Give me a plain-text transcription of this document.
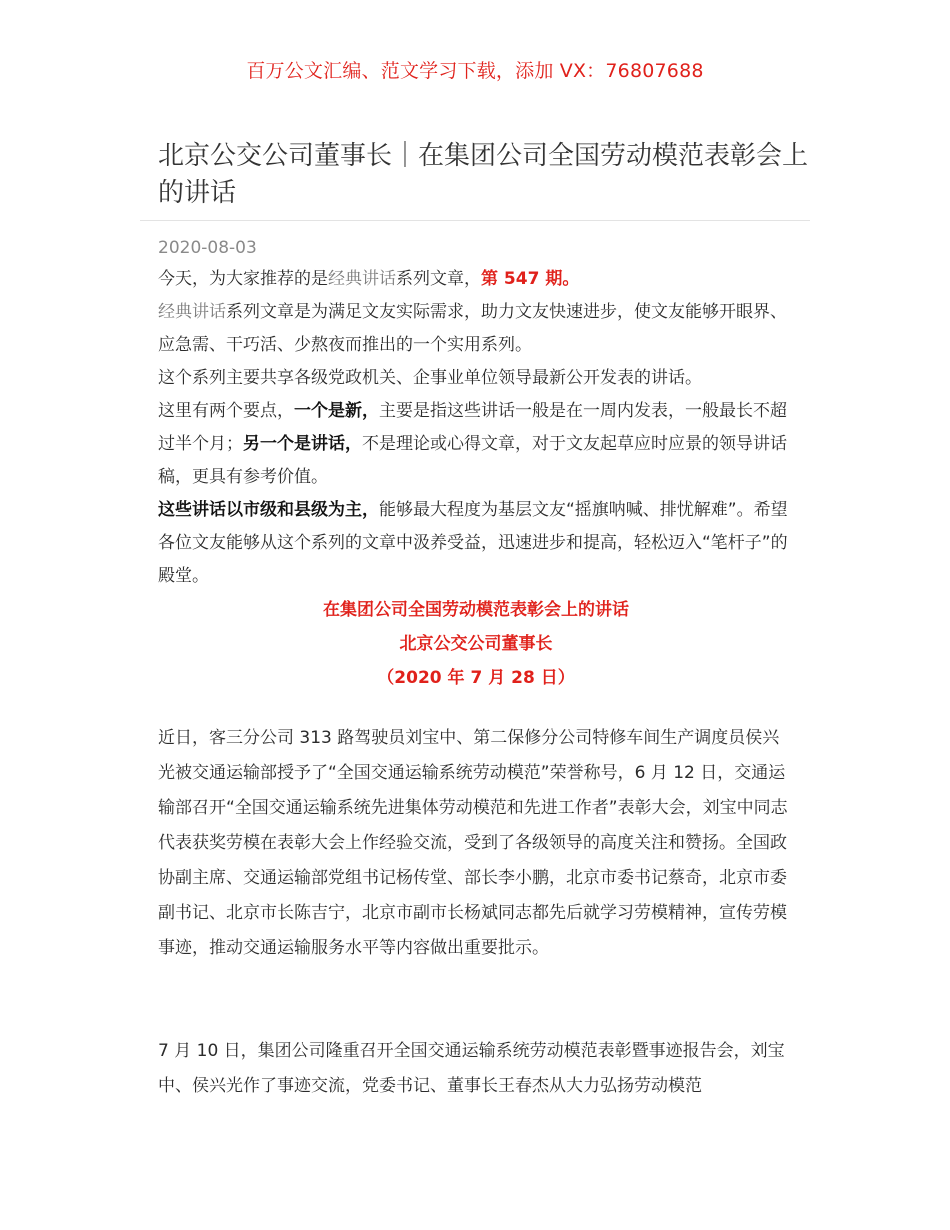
百万公文汇编、范文学习下载，添加 VX：76807688
北京公交公司董事长｜在集团公司全国劳动模范表彰会上的讲话
2020-08-03

今天，为大家推荐的是经典讲话系列文章，第 547 期。

经典讲话系列文章是为满足文友实际需求，助力文友快速进步，使文友能够开眼界、应急需、干巧活、少熬夜而推出的一个实用系列。

这个系列主要共享各级党政机关、企事业单位领导最新公开发表的讲话。

这里有两个要点，一个是新，主要是指这些讲话一般是在一周内发表，一般最长不超过半个月；另一个是讲话，不是理论或心得文章，对于文友起草应时应景的领导讲话稿，更具有参考价值。

这些讲话以市级和县级为主，能够最大程度为基层文友“摇旗呐喊、排忧解难”。希望各位文友能够从这个系列的文章中汲养受益，迅速进步和提高，轻松迈入“笔杆子”的殿堂。

在集团公司全国劳动模范表彰会上的讲话

北京公交公司董事长

（2020 年 7 月 28 日）

近日，客三分公司 313 路驾驶员刘宝中、第二保修分公司特修车间生产调度员侯兴光被交通运输部授予了“全国交通运输系统劳动模范”荣誉称号，6 月 12 日，交通运输部召开“全国交通运输系统先进集体劳动模范和先进工作者”表彰大会，刘宝中同志代表获奖劳模在表彰大会上作经验交流，受到了各级领导的高度关注和赞扬。全国政协副主席、交通运输部党组书记杨传堂、部长李小鹏，北京市委书记蔡奇，北京市委副书记、北京市长陈吉宁，北京市副市长杨斌同志都先后就学习劳模精神，宣传劳模事迹，推动交通运输服务水平等内容做出重要批示。

7 月 10 日，集团公司隆重召开全国交通运输系统劳动模范表彰暨事迹报告会，刘宝中、侯兴光作了事迹交流，党委书记、董事长王春杰从大力弘扬劳动模范
